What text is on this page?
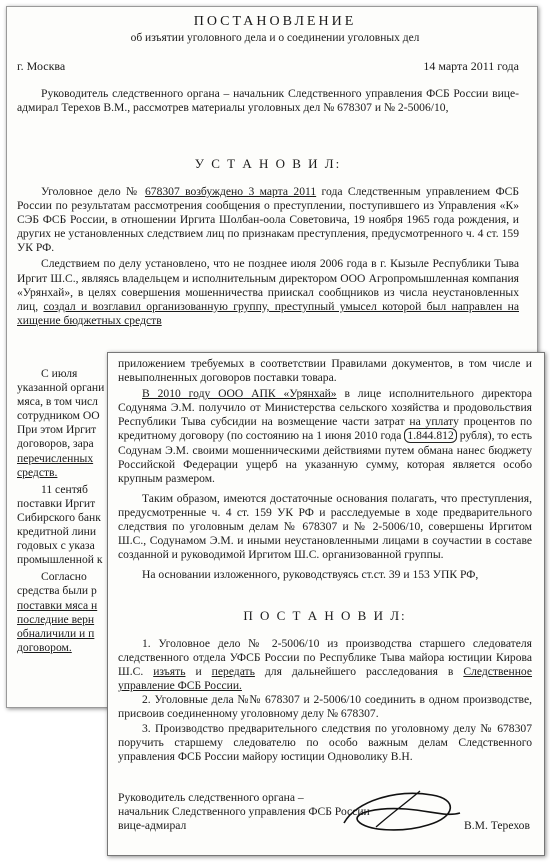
ПОСТАНОВЛЕНИЕ

об изъятии уголовного дела и о соединении уголовных дел

г. Москва	14 марта 2011 года

Руководитель следственного органа – начальник Следственного управления ФСБ России вице-адмирал Терехов В.М., рассмотрев материалы уголовных дел № 678307 и № 2-5006/10,

У С Т А Н О В И Л:

Уголовное дело № 678307 возбуждено 3 марта 2011 года Следственным управлением ФСБ России по результатам рассмотрения сообщения о преступлении, поступившего из Управления «К» СЭБ ФСБ России, в отношении Иргита Шолбан-оола Советовича, 19 ноября 1965 года рождения, и других не установленных следствием лиц по признакам преступления, предусмотренного ч. 4 ст. 159 УК РФ.

Следствием по делу установлено, что не позднее июля 2006 года в г. Кызыле Республики Тыва Иргит Ш.С., являясь владельцем и исполнительным директором ООО Агропромышленная компания «Урянхай», в целях совершения мошенничества приискал сообщников из числа неустановленных лиц, создал и возглавил организованную группу, преступный умысел которой был направлен на хищение бюджетных средств

С июля

указанной органи

мяса, в том числ

сотрудником ОО

При этом Иргит

договоров, зара

перечисленных

средств.

11 сентяб

поставки Иргит

Сибирского банк

кредитной лини

годовых с указа

промышленной к

Согласно

средства были р

поставки мяса н

последние верн

обналичили и п

договором.

приложением требуемых в соответствии Правилами документов, в том числе и невыполненных договоров поставки товара.

В 2010 году ООО АПК «Урянхай» в лице исполнительного директора Содуняма Э.М. получило от Министерства сельского хозяйства и продовольствия Республики Тыва субсидии на возмещение части затрат на уплату процентов по кредитному договору (по состоянию на 1 июня 2010 года 1.844.812 рубля), то есть Содунам Э.М. своими мошенническими действиями путем обмана нанес бюджету Российской Федерации ущерб на указанную сумму, которая является особо крупным размером.

Таким образом, имеются достаточные основания полагать, что преступления, предусмотренные ч. 4 ст. 159 УК РФ и расследуемые в ходе предварительного следствия по уголовным делам № 678307 и № 2-5006/10, совершены Иргитом Ш.С., Содунамом Э.М. и иными неустановленными лицами в соучастии в составе созданной и руководимой Иргитом Ш.С. организованной группы.

На основании изложенного, руководствуясь ст.ст. 39 и 153 УПК РФ,

П О С Т А Н О В И Л:

1. Уголовное дело № 2-5006/10 из производства старшего следователя следственного отдела УФСБ России по Республике Тыва майора юстиции Кирова Ш.С. изъять и передать для дальнейшего расследования в Следственное управление ФСБ России.

2. Уголовные дела №№ 678307 и 2-5006/10 соединить в одном производстве, присвоив соединенному уголовному делу № 678307.

3. Производство предварительного следствия по уголовному делу № 678307 поручить старшему следователю по особо важным делам Следственного управления ФСБ России майору юстиции Одноволику В.Н.

Руководитель следственного органа –
начальник Следственного управления ФСБ России
вице-адмирал	В.М. Терехов
